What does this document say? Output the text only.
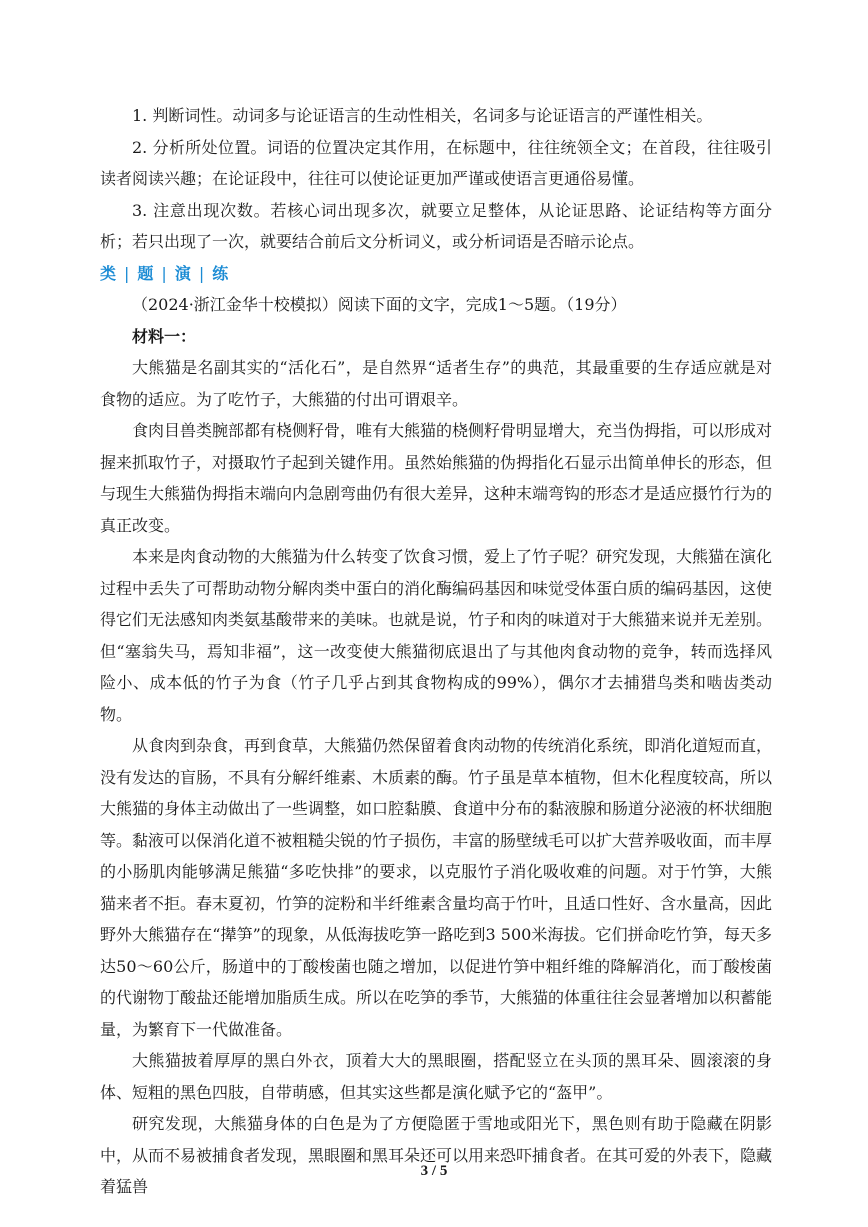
1. 判断词性。动词多与论证语言的生动性相关，名词多与论证语言的严谨性相关。

2. 分析所处位置。词语的位置决定其作用，在标题中，往往统领全文；在首段，往往吸引读者阅读兴趣；在论证段中，往往可以使论证更加严谨或使语言更通俗易懂。

3. 注意出现次数。若核心词出现多次，就要立足整体，从论证思路、论证结构等方面分析；若只出现了一次，就要结合前后文分析词义，或分析词语是否暗示论点。

类 | 题 | 演 | 练

（2024·浙江金华十校模拟）阅读下面的文字，完成1～5题。（19分）

材料一：

大熊猫是名副其实的“活化石”，是自然界“适者生存”的典范，其最重要的生存适应就是对食物的适应。为了吃竹子，大熊猫的付出可谓艰辛。

食肉目兽类腕部都有桡侧籽骨，唯有大熊猫的桡侧籽骨明显增大，充当伪拇指，可以形成对握来抓取竹子，对摄取竹子起到关键作用。虽然始熊猫的伪拇指化石显示出简单伸长的形态，但与现生大熊猫伪拇指末端向内急剧弯曲仍有很大差异，这种末端弯钩的形态才是适应摄竹行为的真正改变。

本来是肉食动物的大熊猫为什么转变了饮食习惯，爱上了竹子呢？研究发现，大熊猫在演化过程中丢失了可帮助动物分解肉类中蛋白的消化酶编码基因和味觉受体蛋白质的编码基因，这使得它们无法感知肉类氨基酸带来的美味。也就是说，竹子和肉的味道对于大熊猫来说并无差别。但“塞翁失马，焉知非福”，这一改变使大熊猫彻底退出了与其他肉食动物的竞争，转而选择风险小、成本低的竹子为食（竹子几乎占到其食物构成的99%），偶尔才去捕猎鸟类和啮齿类动物。

从食肉到杂食，再到食草，大熊猫仍然保留着食肉动物的传统消化系统，即消化道短而直，没有发达的盲肠，不具有分解纤维素、木质素的酶。竹子虽是草本植物，但木化程度较高，所以大熊猫的身体主动做出了一些调整，如口腔黏膜、食道中分布的黏液腺和肠道分泌液的杯状细胞等。黏液可以保消化道不被粗糙尖锐的竹子损伤，丰富的肠壁绒毛可以扩大营养吸收面，而丰厚的小肠肌肉能够满足熊猫“多吃快排”的要求，以克服竹子消化吸收难的问题。对于竹笋，大熊猫来者不拒。春末夏初，竹笋的淀粉和半纤维素含量均高于竹叶，且适口性好、含水量高，因此野外大熊猫存在“撵笋”的现象，从低海拔吃笋一路吃到3 500米海拔。它们拼命吃竹笋，每天多达50～60公斤，肠道中的丁酸梭菌也随之增加，以促进竹笋中粗纤维的降解消化，而丁酸梭菌的代谢物丁酸盐还能增加脂质生成。所以在吃笋的季节，大熊猫的体重往往会显著增加以积蓄能量，为繁育下一代做准备。

大熊猫披着厚厚的黑白外衣，顶着大大的黑眼圈，搭配竖立在头顶的黑耳朵、圆滚滚的身体、短粗的黑色四肢，自带萌感，但其实这些都是演化赋予它的“盔甲”。

研究发现，大熊猫身体的白色是为了方便隐匿于雪地或阳光下，黑色则有助于隐藏在阴影中，从而不易被捕食者发现，黑眼圈和黑耳朵还可以用来恐吓捕食者。在其可爱的外表下，隐藏着猛兽

3 / 5
